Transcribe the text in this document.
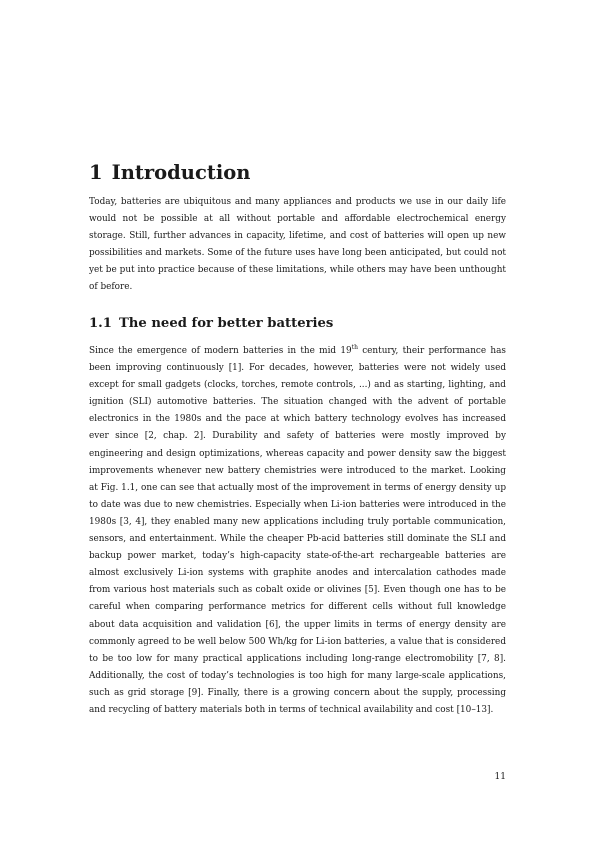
1 Introduction

Today, batteries are ubiquitous and many appliances and products we use in our daily life would not be possible at all without portable and affordable electrochemical energy storage. Still, further advances in capacity, lifetime, and cost of batteries will open up new possibilities and markets. Some of the future uses have long been anticipated, but could not yet be put into practice because of these limitations, while others may have been unthought of before.

1.1 The need for better batteries

Since the emergence of modern batteries in the mid 19th century, their performance has been improving continuously [1]. For decades, however, batteries were not widely used except for small gadgets (clocks, torches, remote controls, ...) and as starting, lighting, and ignition (SLI) automotive batteries. The situation changed with the advent of portable electronics in the 1980s and the pace at which battery technology evolves has increased ever since [2, chap. 2]. Durability and safety of batteries were mostly improved by engineering and design optimizations, whereas capacity and power density saw the biggest improvements whenever new battery chemistries were introduced to the market. Looking at Fig. 1.1, one can see that actually most of the improvement in terms of energy density up to date was due to new chemistries. Especially when Li-ion batteries were introduced in the 1980s [3, 4], they enabled many new applications including truly portable communication, sensors, and entertainment. While the cheaper Pb-acid batteries still dominate the SLI and backup power market, today’s high-capacity state-of-the-art rechargeable batteries are almost exclusively Li-ion systems with graphite anodes and intercalation cathodes made from various host materials such as cobalt oxide or olivines [5]. Even though one has to be careful when comparing performance metrics for different cells without full knowledge about data acquisition and validation [6], the upper limits in terms of energy density are commonly agreed to be well below 500 Wh/kg for Li-ion batteries, a value that is considered to be too low for many practical applications including long-range electromobility [7, 8]. Additionally, the cost of today’s technologies is too high for many large-scale applications, such as grid storage [9]. Finally, there is a growing concern about the supply, processing and recycling of battery materials both in terms of technical availability and cost [10–13].

11
